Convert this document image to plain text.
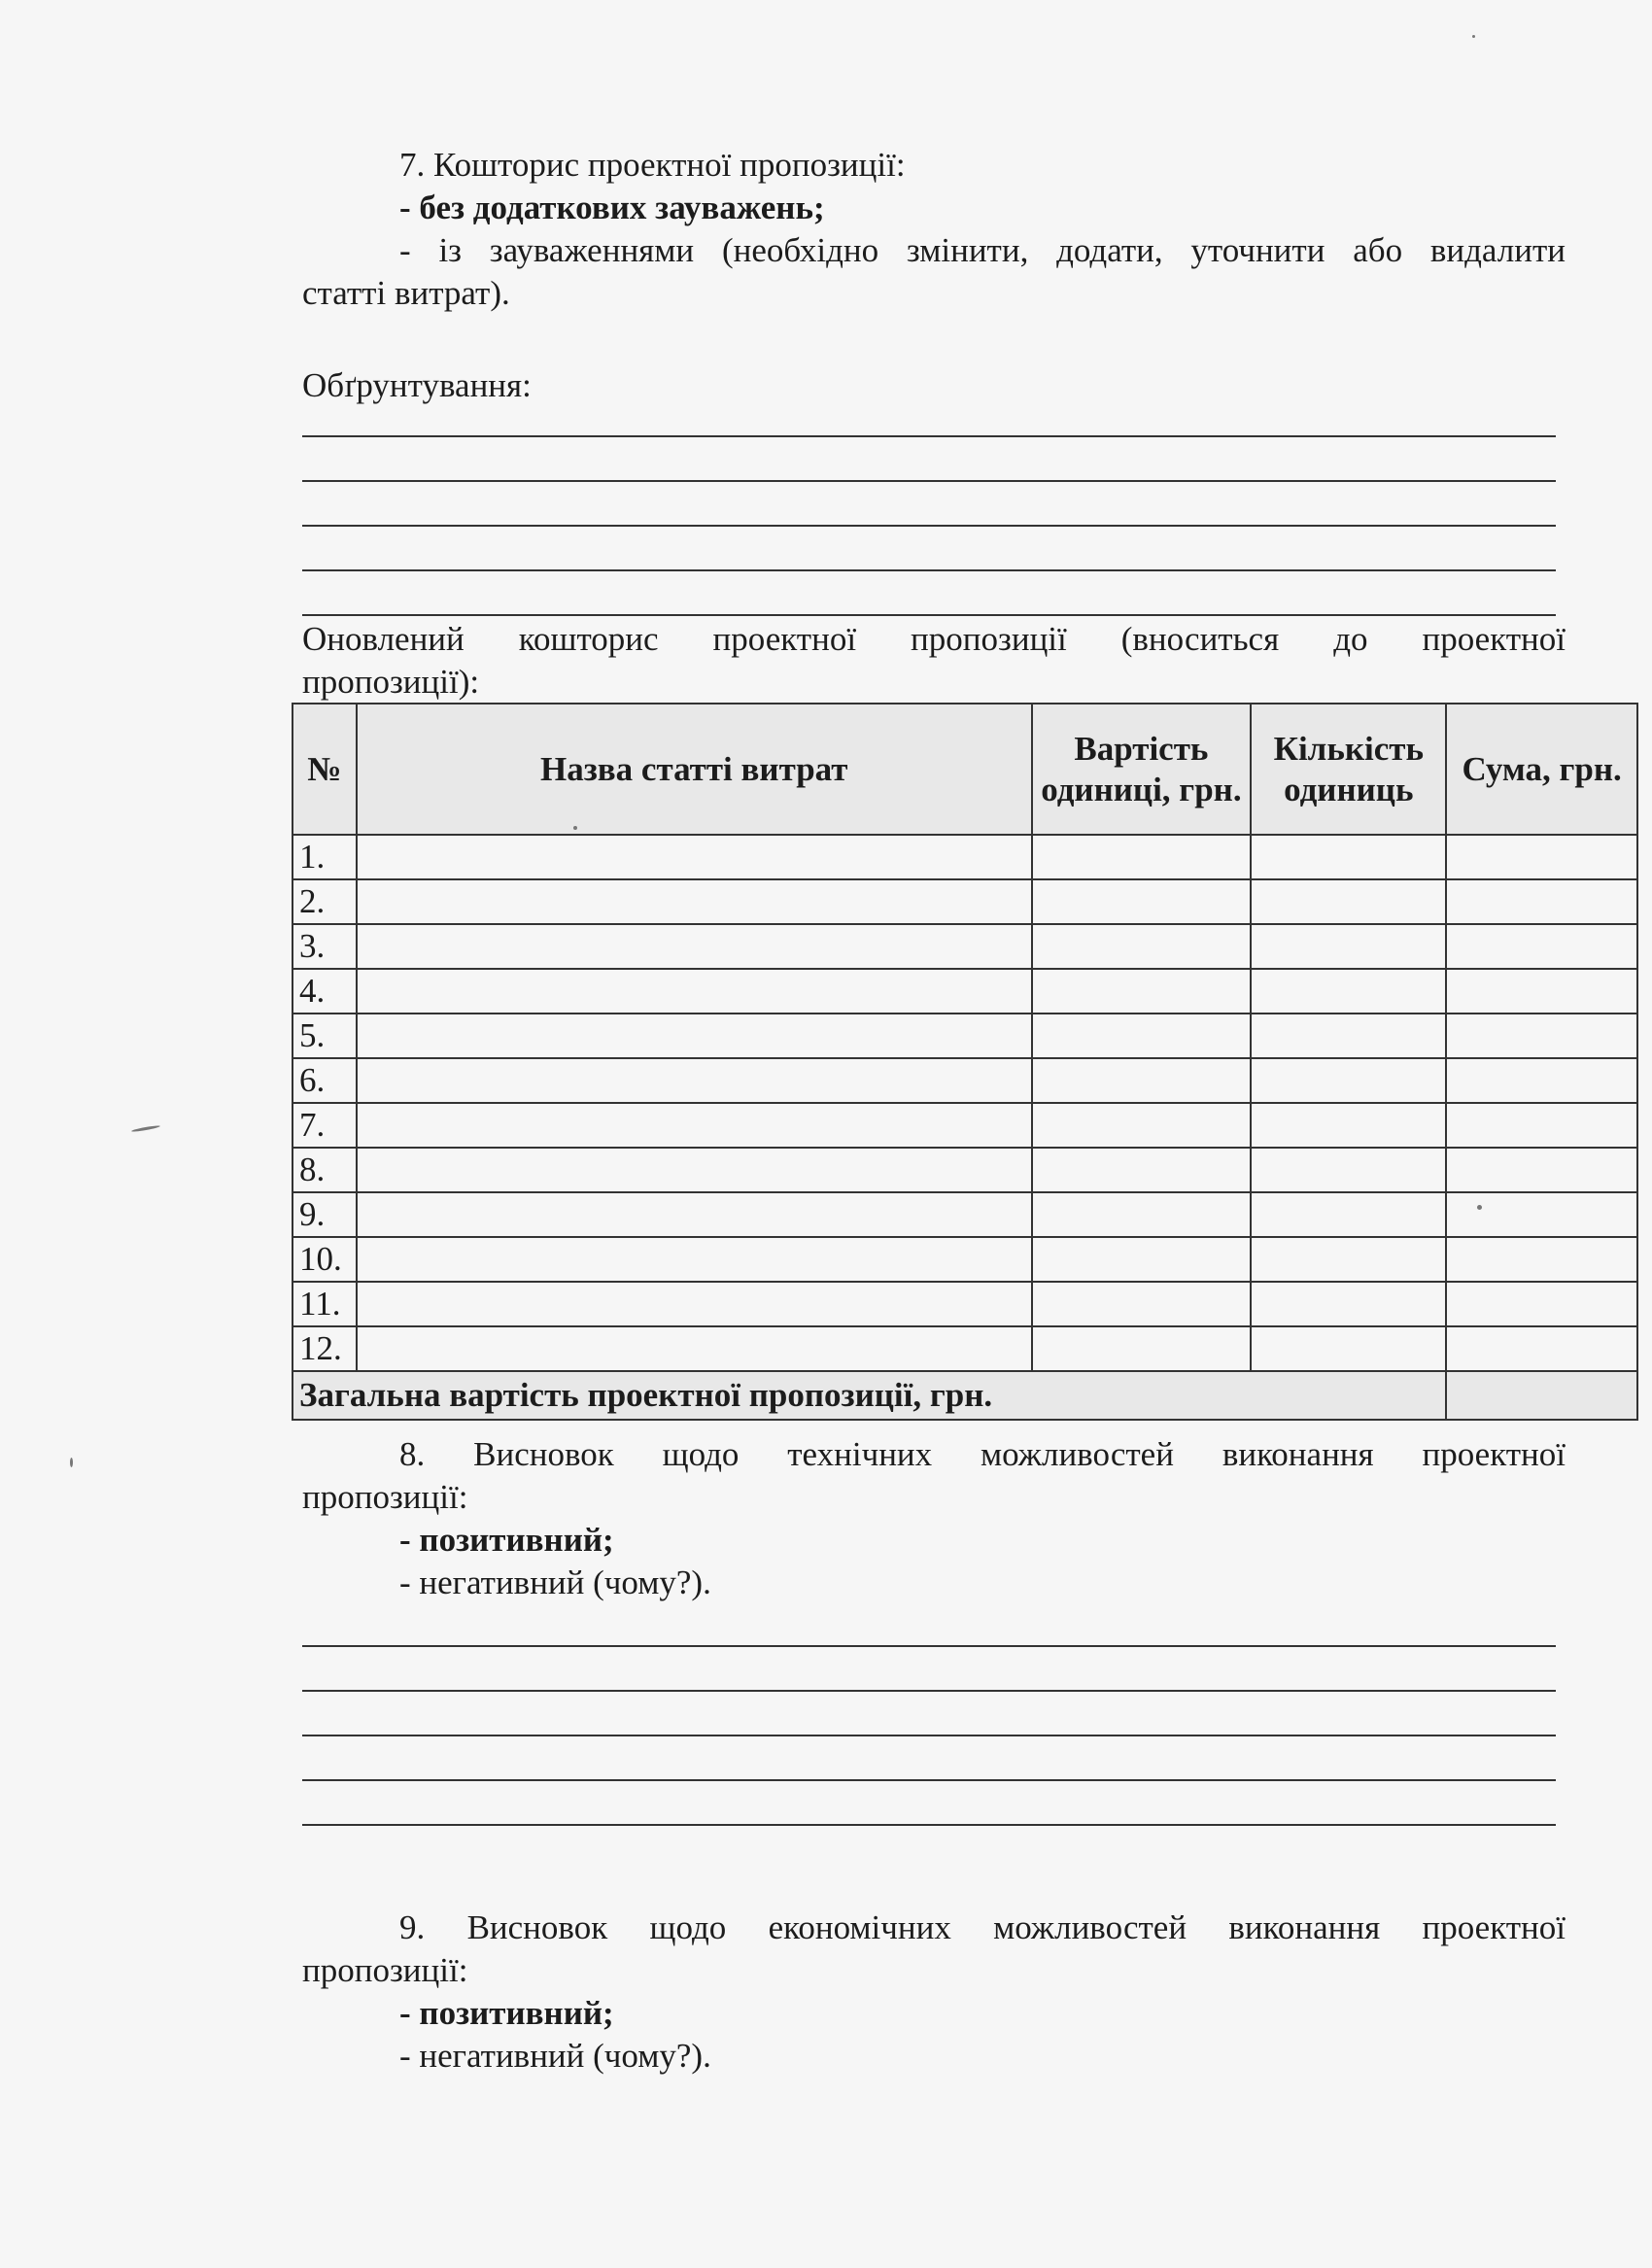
7. Кошторис проектної пропозиції:
- без додаткових зауважень;
- із зауваженнями (необхідно змінити, додати, уточнити або видалити
статті витрат).
Обґрунтування:
Оновлений кошторис проектної пропозиції (вноситься до проектної
пропозиції):
№	Назва статті витрат	Вартість одиниці, грн.	Кількість одиниць	Сума, грн.
1.				
2.				
3.				
4.				
5.				
6.				
7.				
8.				
9.				
10.				
11.				
12.				
Загальна вартість проектної пропозиції, грн.				
8. Висновок щодо технічних можливостей виконання проектної
пропозиції:
- позитивний;
- негативний (чому?).
9. Висновок щодо економічних можливостей виконання проектної
пропозиції:
- позитивний;
- негативний (чому?).
